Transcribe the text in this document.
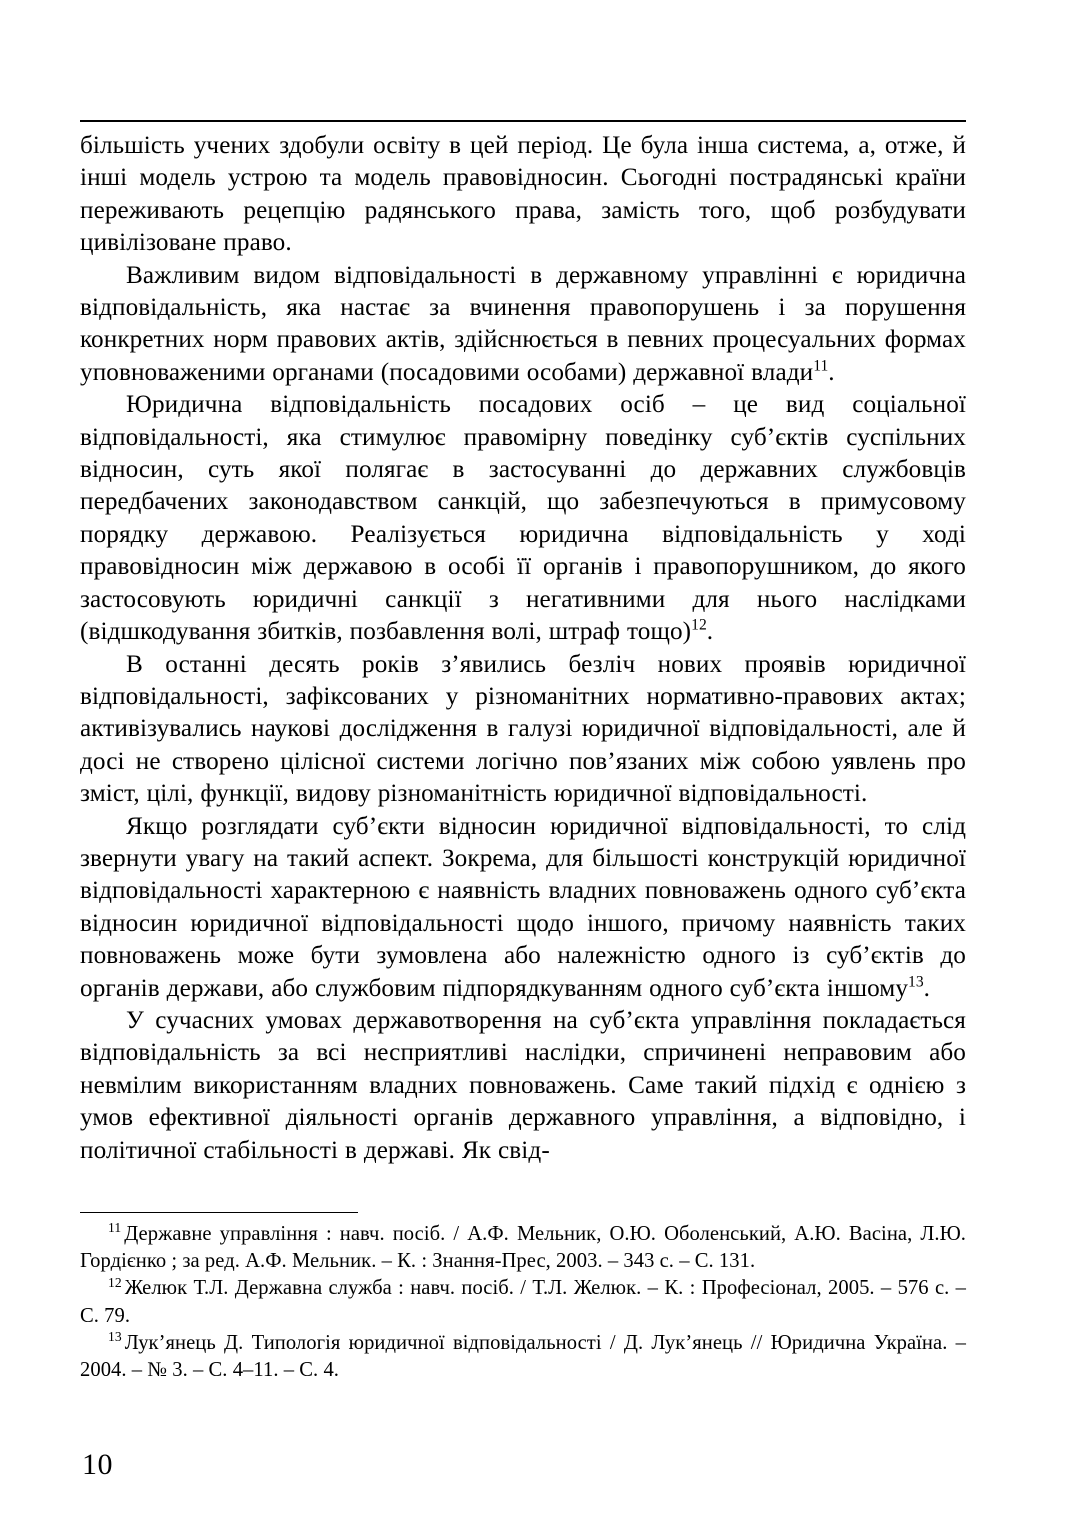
більшість учених здобули освіту в цей період. Це була інша система, а, отже, й інші модель устрою та модель правовідносин. Сьогодні пострадянські країни переживають рецепцію радянського права, замість того, щоб розбудувати цивілізоване право.

Важливим видом відповідальності в державному управлінні є юридична відповідальність, яка настає за вчинення правопорушень і за порушення конкретних норм правових актів, здійснюється в певних процесуальних формах уповноваженими органами (посадовими особами) державної влади$^{11}$.

Юридична відповідальність посадових осіб – це вид соціальної відповідальності, яка стимулює правомірну поведінку суб’єктів суспільних відносин, суть якої полягає в застосуванні до державних службовців передбачених законодавством санкцій, що забезпечуються в примусовому порядку державою. Реалізується юридична відповідальність у ході правовідносин між державою в особі її органів і правопорушником, до якого застосовують юридичні санкції з негативними для нього наслідками (відшкодування збитків, позбавлення волі, штраф тощо)$^{12}$.

В останні десять років з’явились безліч нових проявів юридичної відповідальності, зафіксованих у різноманітних нормативно-правових актах; активізувались наукові дослідження в галузі юридичної відповідальності, але й досі не створено цілісної системи логічно пов’язаних між собою уявлень про зміст, цілі, функції, видову різноманітність юридичної відповідальності.

Якщо розглядати суб’єкти відносин юридичної відповідальності, то слід звернути увагу на такий аспект. Зокрема, для більшості конструкцій юридичної відповідальності характерною є наявність владних повноважень одного суб’єкта відносин юридичної відповідальності щодо іншого, причому наявність таких повноважень може бути зумовлена або належністю одного із суб’єктів до органів держави, або службовим підпорядкуванням одного суб’єкта іншому$^{13}$.

У сучасних умовах державотворення на суб’єкта управління покладається відповідальність за всі несприятливі наслідки, спричинені неправовим або невмілим використанням владних повноважень. Саме такий підхід є однією з умов ефективної діяльності органів державного управління, а відповідно, і політичної стабільності в державі. Як свід-

$^{11}$ Державне управління : навч. посіб. / А.Ф. Мельник, О.Ю. Оболенський, А.Ю. Васіна, Л.Ю. Гордієнко ; за ред. А.Ф. Мельник. – К. : Знання-Прес, 2003. – 343 с. – С. 131.

$^{12}$ Желюк Т.Л. Державна служба : навч. посіб. / Т.Л. Желюк. – К. : Професіонал, 2005. – 576 с. – С. 79.

$^{13}$ Лук’янець Д. Типологія юридичної відповідальності / Д. Лук’янець // Юридична Україна. – 2004. – № 3. – С. 4–11. – С. 4.

10
